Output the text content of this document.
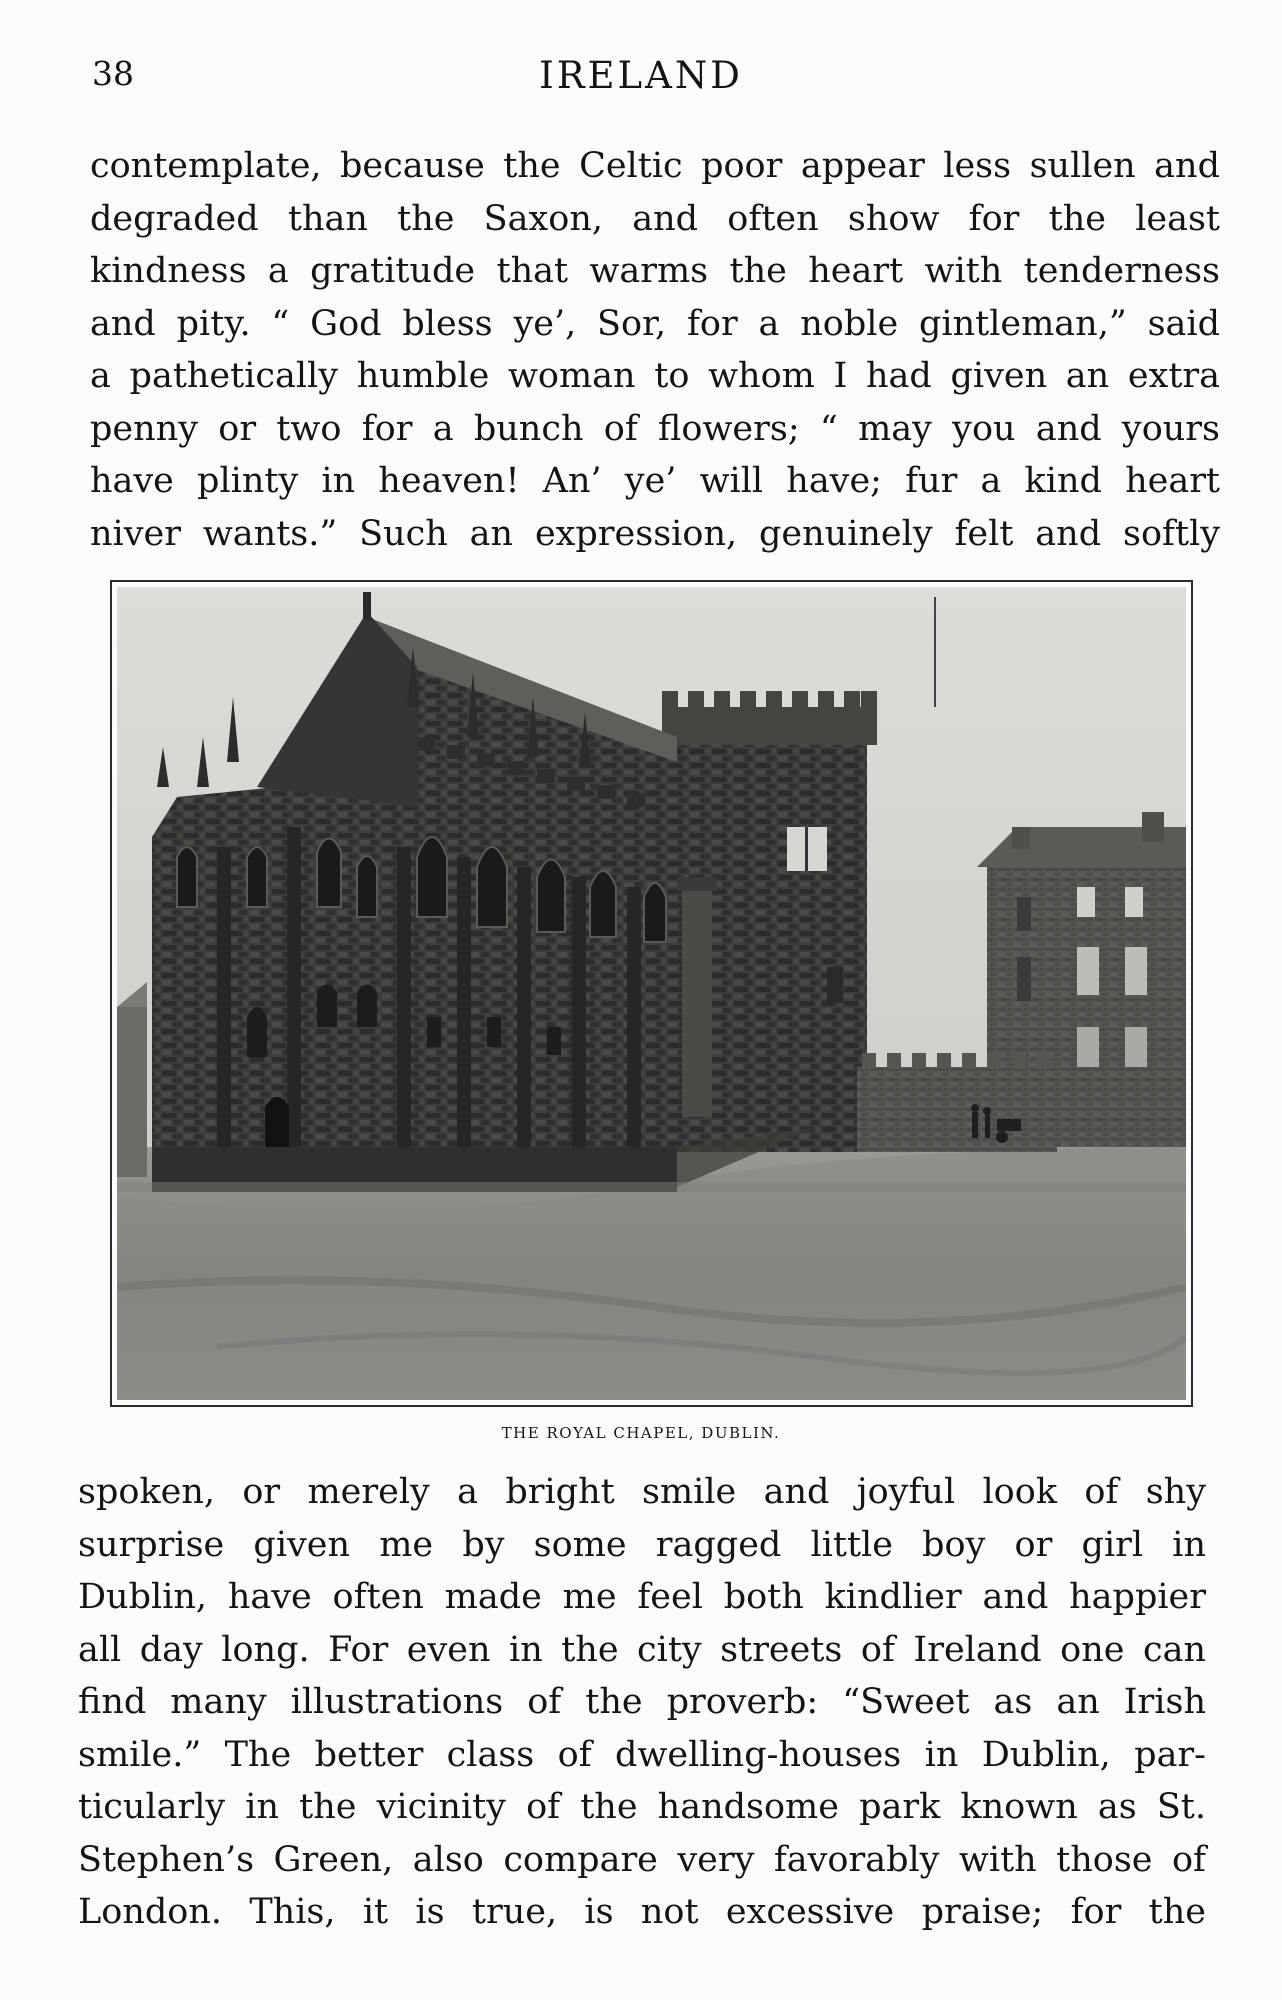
38	IRELAND
contemplate, because the Celtic poor appear less sullen and
degraded than the Saxon, and often show for the least
kindness a gratitude that warms the heart with tenderness
and pity. “ God bless ye’, Sor, for a noble gintleman,” said
a pathetically humble woman to whom I had given an extra
penny or two for a bunch of flowers; “ may you and yours
have plinty in heaven! An’ ye’ will have; fur a kind heart
niver wants.” Such an expression, genuinely felt and softly
THE ROYAL CHAPEL, DUBLIN.
spoken, or merely a bright smile and joyful look of shy
surprise given me by some ragged little boy or girl in
Dublin, have often made me feel both kindlier and happier
all day long. For even in the city streets of Ireland one can
find many illustrations of the proverb: “Sweet as an Irish
smile.” The better class of dwelling-houses in Dublin, par-
ticularly in the vicinity of the handsome park known as St.
Stephen’s Green, also compare very favorably with those of
London. This, it is true, is not excessive praise; for the
